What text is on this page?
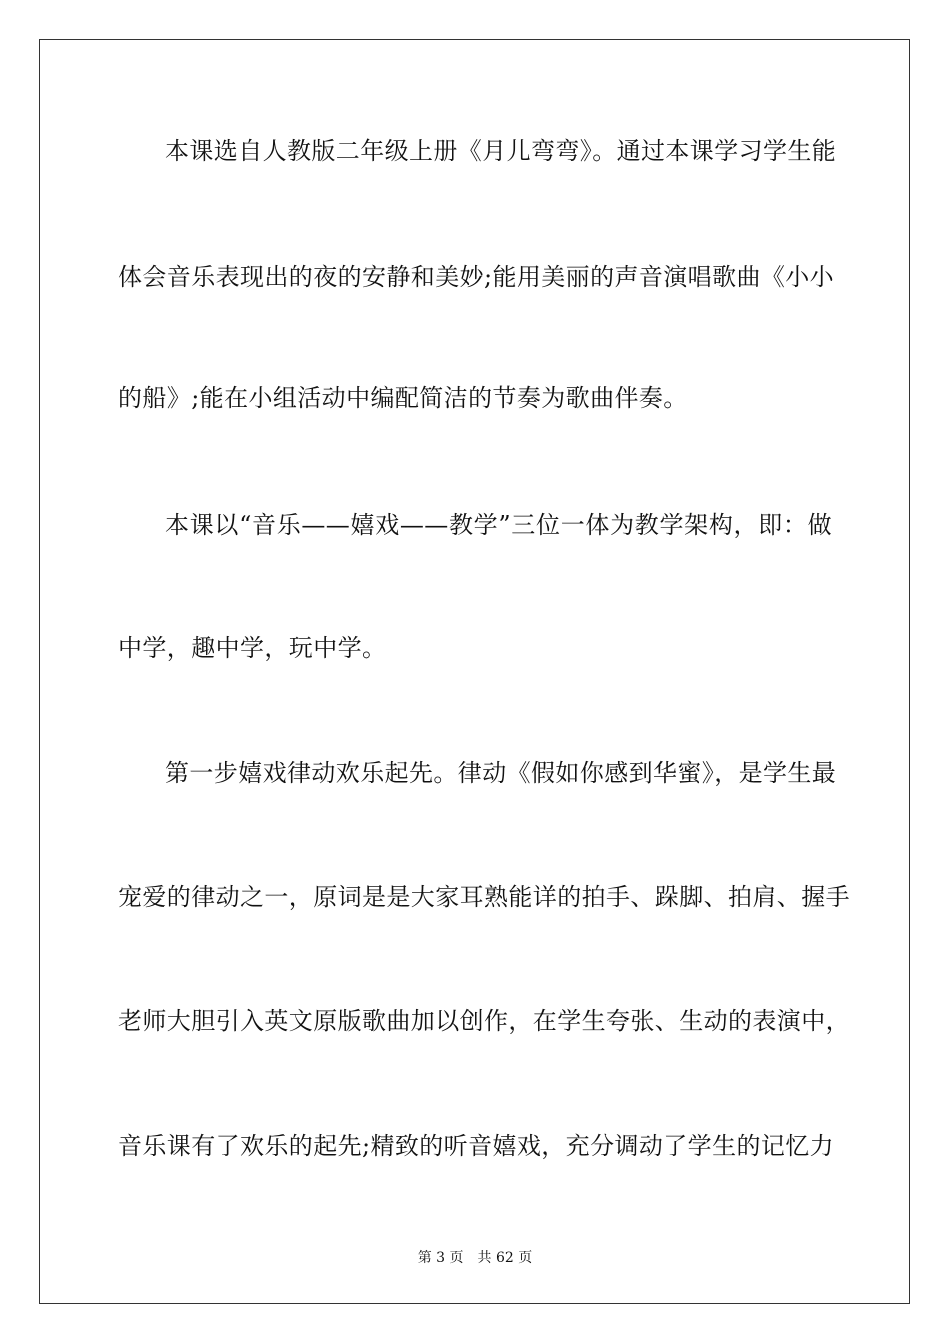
本课选自人教版二年级上册《月儿弯弯》。通过本课学习学生能
体会音乐表现出的夜的安静和美妙;能用美丽的声音演唱歌曲《小小
的船》;能在小组活动中编配简洁的节奏为歌曲伴奏。
本课以“音乐——嬉戏——教学”三位一体为教学架构，即：做
中学，趣中学，玩中学。
第一步嬉戏律动欢乐起先。律动《假如你感到华蜜》，是学生最
宠爱的律动之一，原词是是大家耳熟能详的拍手、跺脚、拍肩、握手
老师大胆引入英文原版歌曲加以创作，在学生夸张、生动的表演中，
音乐课有了欢乐的起先;精致的听音嬉戏，充分调动了学生的记忆力
第 3 页 共 62 页
